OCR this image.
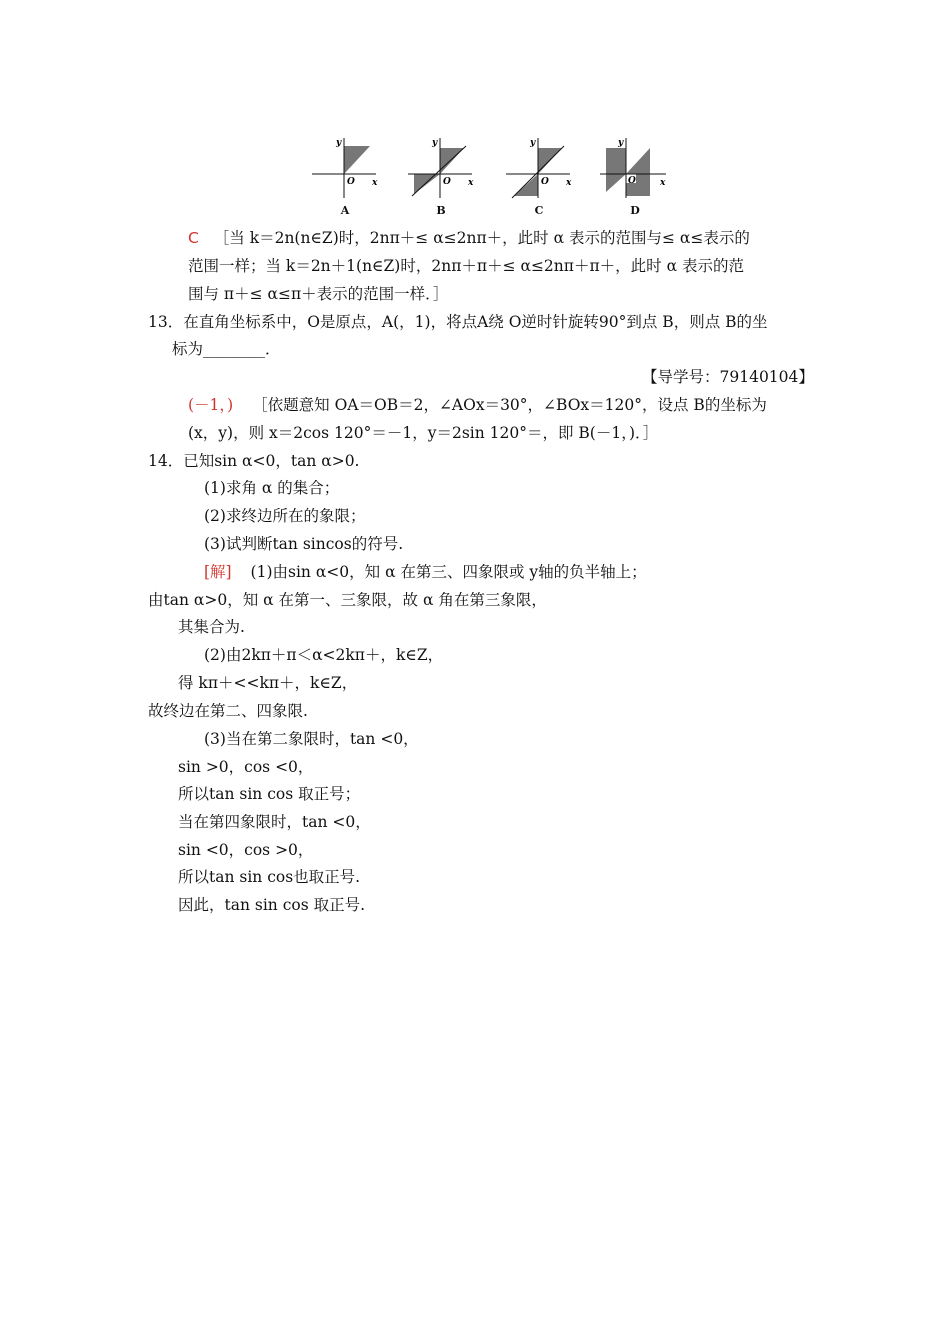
y
x
O
A
y
x
O
B
y
x
O
C
y
x
O
D
C ［当 k＝2n(n∈Z)时，2nπ＋≤ α≤2nπ＋，此时 α 表示的范围与≤ α≤表示的
范围一样；当 k＝2n＋1(n∈Z)时，2nπ＋π＋≤ α≤2nπ＋π＋，此时 α 表示的范
围与 π＋≤ α≤π＋表示的范围一样．］
13．在直角坐标系中，O是原点，A(，1)，将点A绕 O逆时针旋转90°到点 B，则点 B的坐
标为________．
【导学号：79140104】
(－1，) ［依题意知 OA＝OB＝2，∠AOx＝30°，∠BOx＝120°，设点 B的坐标为
(x，y)，则 x＝2cos 120°＝－1，y＝2sin 120°＝，即 B(－1，)．］
14．已知sin α<0，tan α>0.
(1)求角 α 的集合；
(2)求终边所在的象限；
(3)试判断tan sincos的符号.
[解] (1)由sin α<0，知 α 在第三、四象限或 y轴的负半轴上；
由tan α>0，知 α 在第一、三象限，故 α 角在第三象限，
其集合为.
(2)由2kπ＋π＜α<2kπ＋，k∈Z，
得 kπ＋<<kπ＋，k∈Z，
故终边在第二、四象限.
(3)当在第二象限时，tan <0，
sin >0，cos <0，
所以tan sin cos 取正号；
当在第四象限时，tan <0，
sin <0，cos >0，
所以tan sin cos也取正号.
因此，tan sin cos 取正号.
